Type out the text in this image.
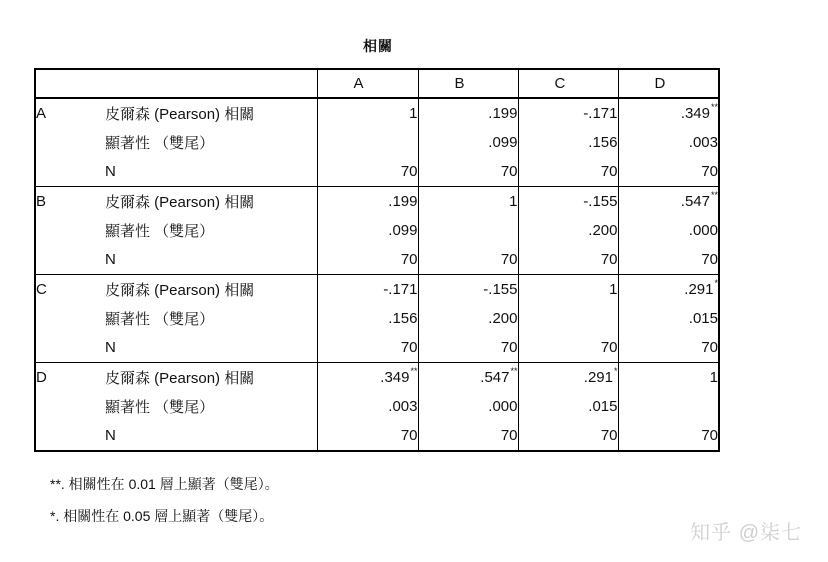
相關
		A	B	C	D
A	皮爾森 (Pearson) 相關	1	.199	-.171	.349**
	顯著性 （雙尾）		.099	.156	.003
	N	70	70	70	70
B	皮爾森 (Pearson) 相關	.199	1	-.155	.547**
	顯著性 （雙尾）	.099		.200	.000
	N	70	70	70	70
C	皮爾森 (Pearson) 相關	-.171	-.155	1	.291*
	顯著性 （雙尾）	.156	.200		.015
	N	70	70	70	70
D	皮爾森 (Pearson) 相關	.349**	.547**	.291*	1
	顯著性 （雙尾）	.003	.000	.015	
	N	70	70	70	70
**. 相關性在 0.01 層上顯著（雙尾）。
*. 相關性在 0.05 層上顯著（雙尾）。
知乎 @柒七
